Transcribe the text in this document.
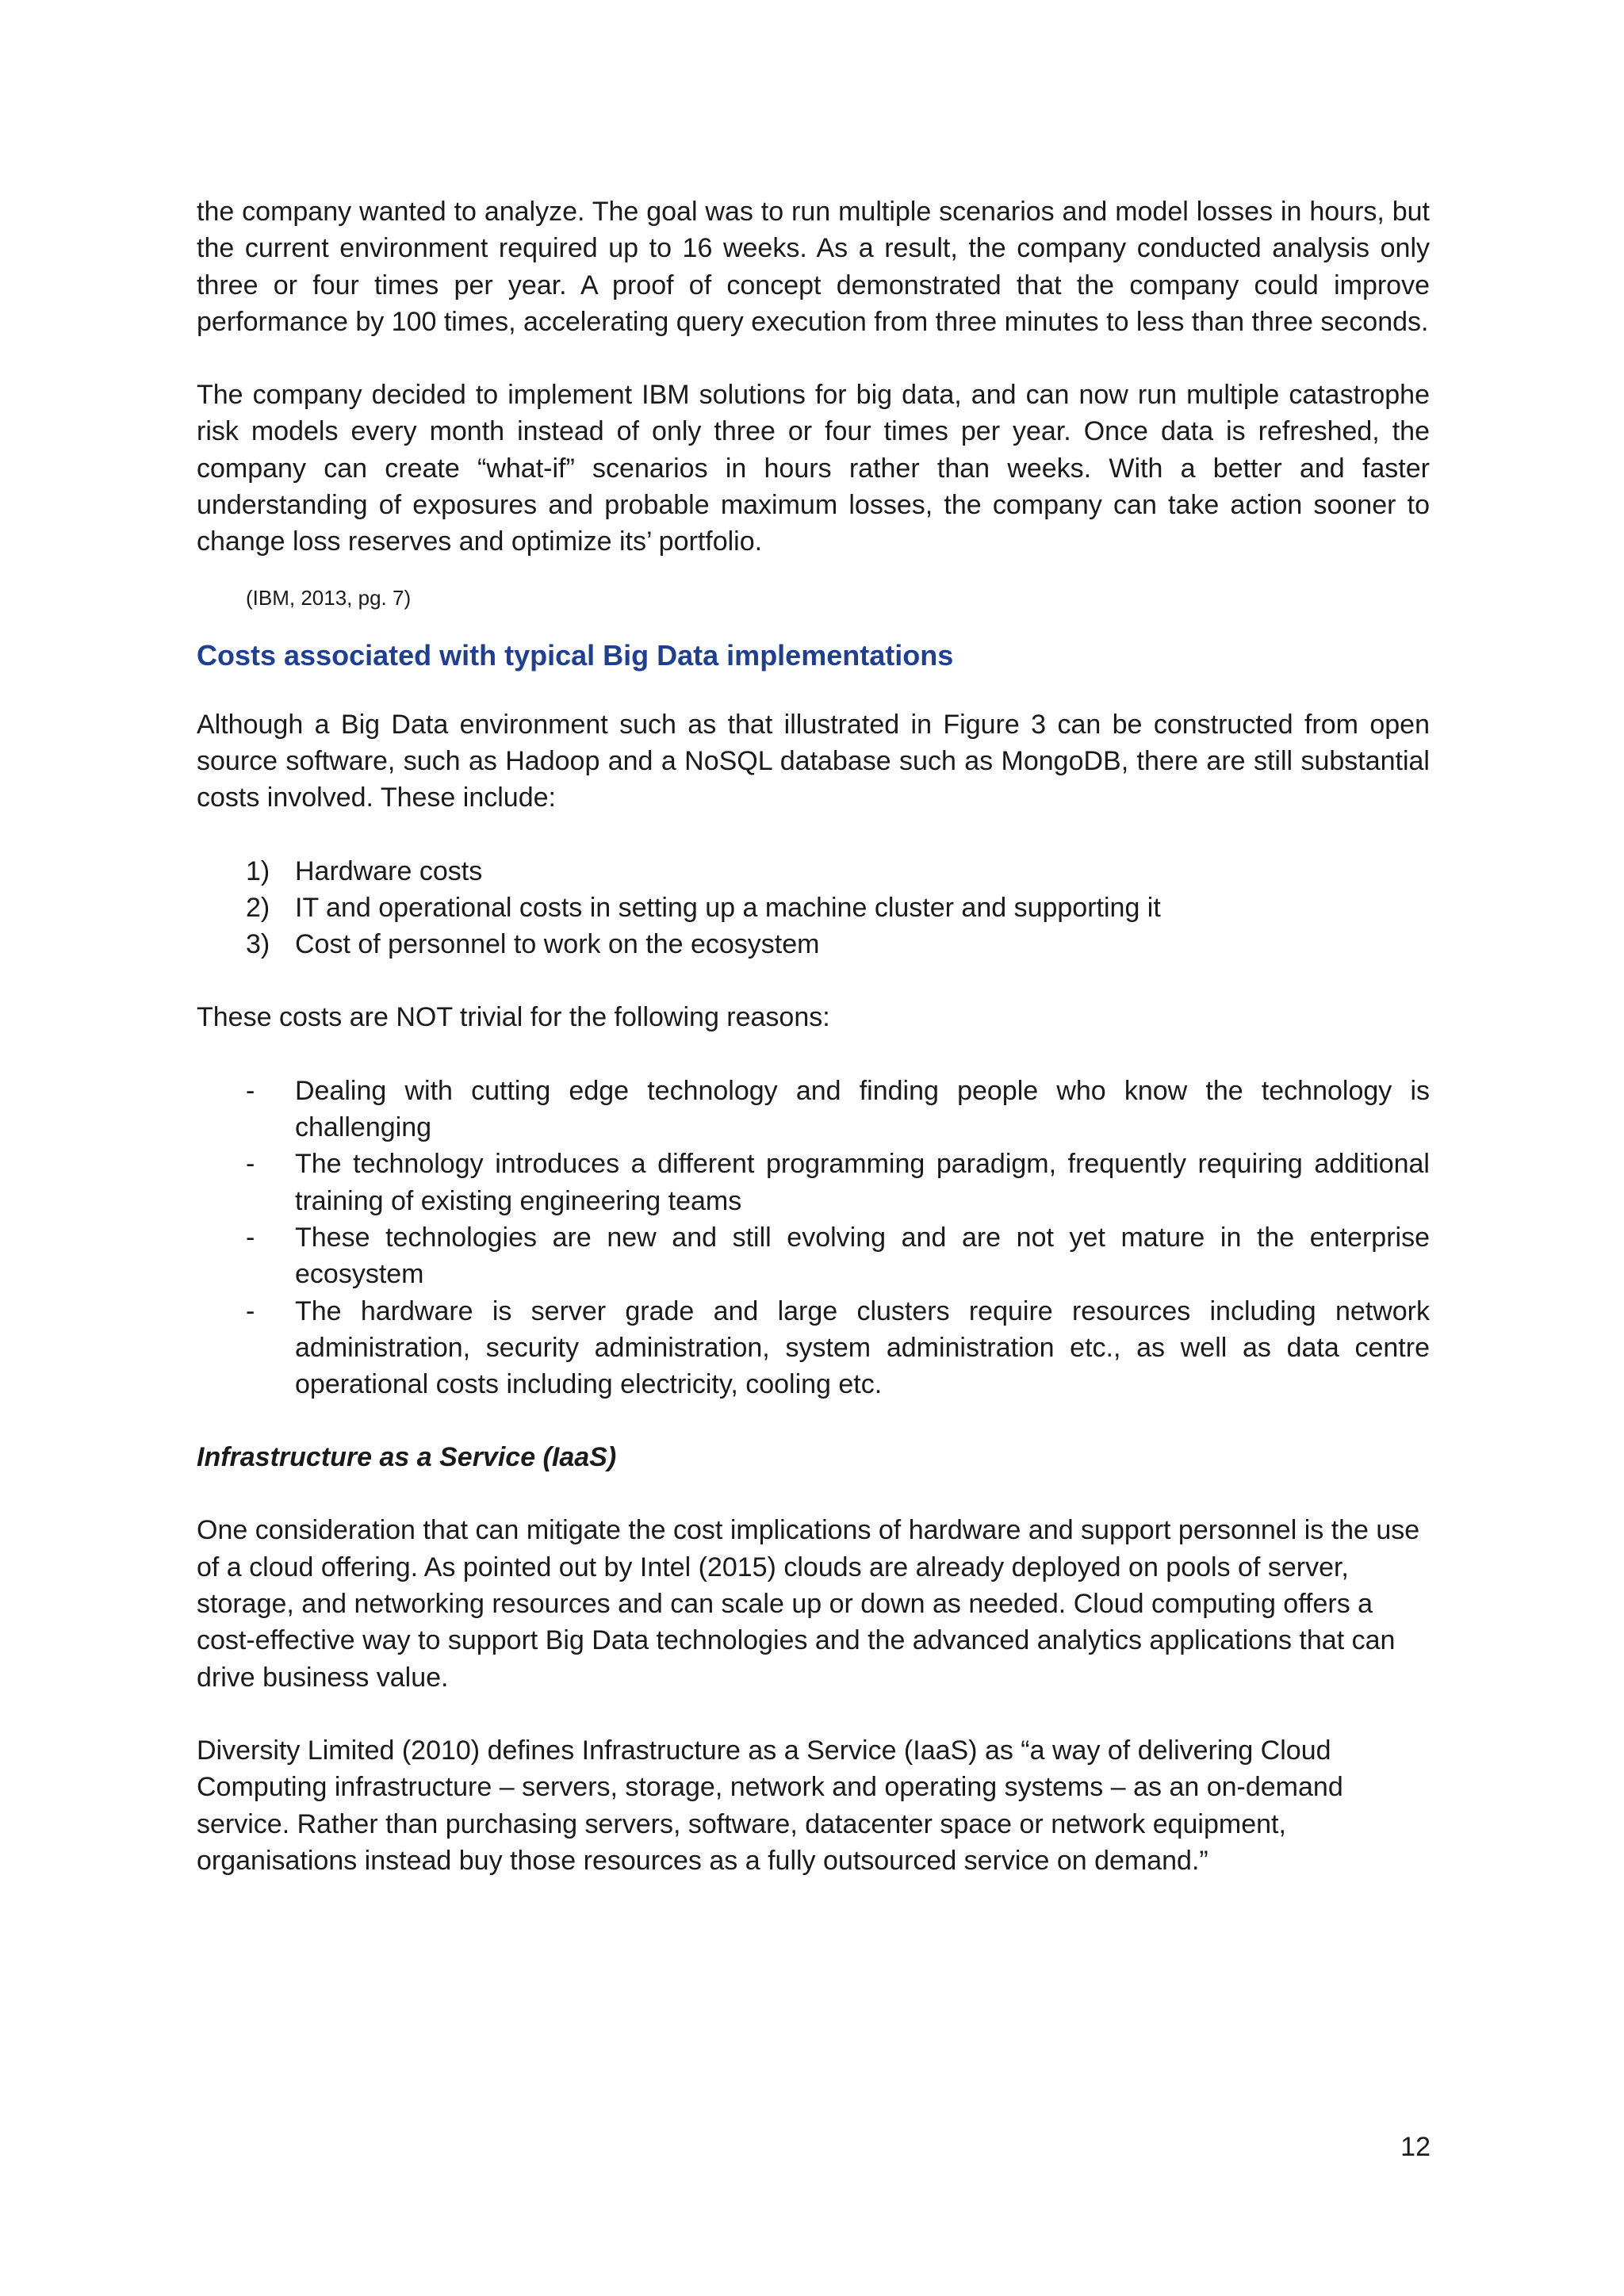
the company wanted to analyze. The goal was to run multiple scenarios and model losses in hours, but the current environment required up to 16 weeks. As a result, the company conducted analysis only three or four times per year. A proof of concept demonstrated that the company could improve performance by 100 times, accelerating query execution from three minutes to less than three seconds.

The company decided to implement IBM solutions for big data, and can now run multiple catastrophe risk models every month instead of only three or four times per year. Once data is refreshed, the company can create “what-if” scenarios in hours rather than weeks. With a better and faster understanding of exposures and probable maximum losses, the company can take action sooner to change loss reserves and optimize its’ portfolio.

(IBM, 2013, pg. 7)

Costs associated with typical Big Data implementations

Although a Big Data environment such as that illustrated in Figure 3 can be constructed from open source software, such as Hadoop and a NoSQL database such as MongoDB, there are still substantial costs involved. These include:

1) Hardware costs
2) IT and operational costs in setting up a machine cluster and supporting it
3) Cost of personnel to work on the ecosystem

These costs are NOT trivial for the following reasons:

- Dealing with cutting edge technology and finding people who know the technology is challenging
- The technology introduces a different programming paradigm, frequently requiring additional training of existing engineering teams
- These technologies are new and still evolving and are not yet mature in the enterprise ecosystem
- The hardware is server grade and large clusters require resources including network administration, security administration, system administration etc., as well as data centre operational costs including electricity, cooling etc.
Infrastructure as a Service (IaaS)

One consideration that can mitigate the cost implications of hardware and support personnel is the use of a cloud offering. As pointed out by Intel (2015) clouds are already deployed on pools of server, storage, and networking resources and can scale up or down as needed. Cloud computing offers a cost-effective way to support Big Data technologies and the advanced analytics applications that can drive business value.

Diversity Limited (2010) defines Infrastructure as a Service (IaaS) as “a way of delivering Cloud Computing infrastructure – servers, storage, network and operating systems – as an on-demand service. Rather than purchasing servers, software, datacenter space or network equipment, organisations instead buy those resources as a fully outsourced service on demand.”

12
